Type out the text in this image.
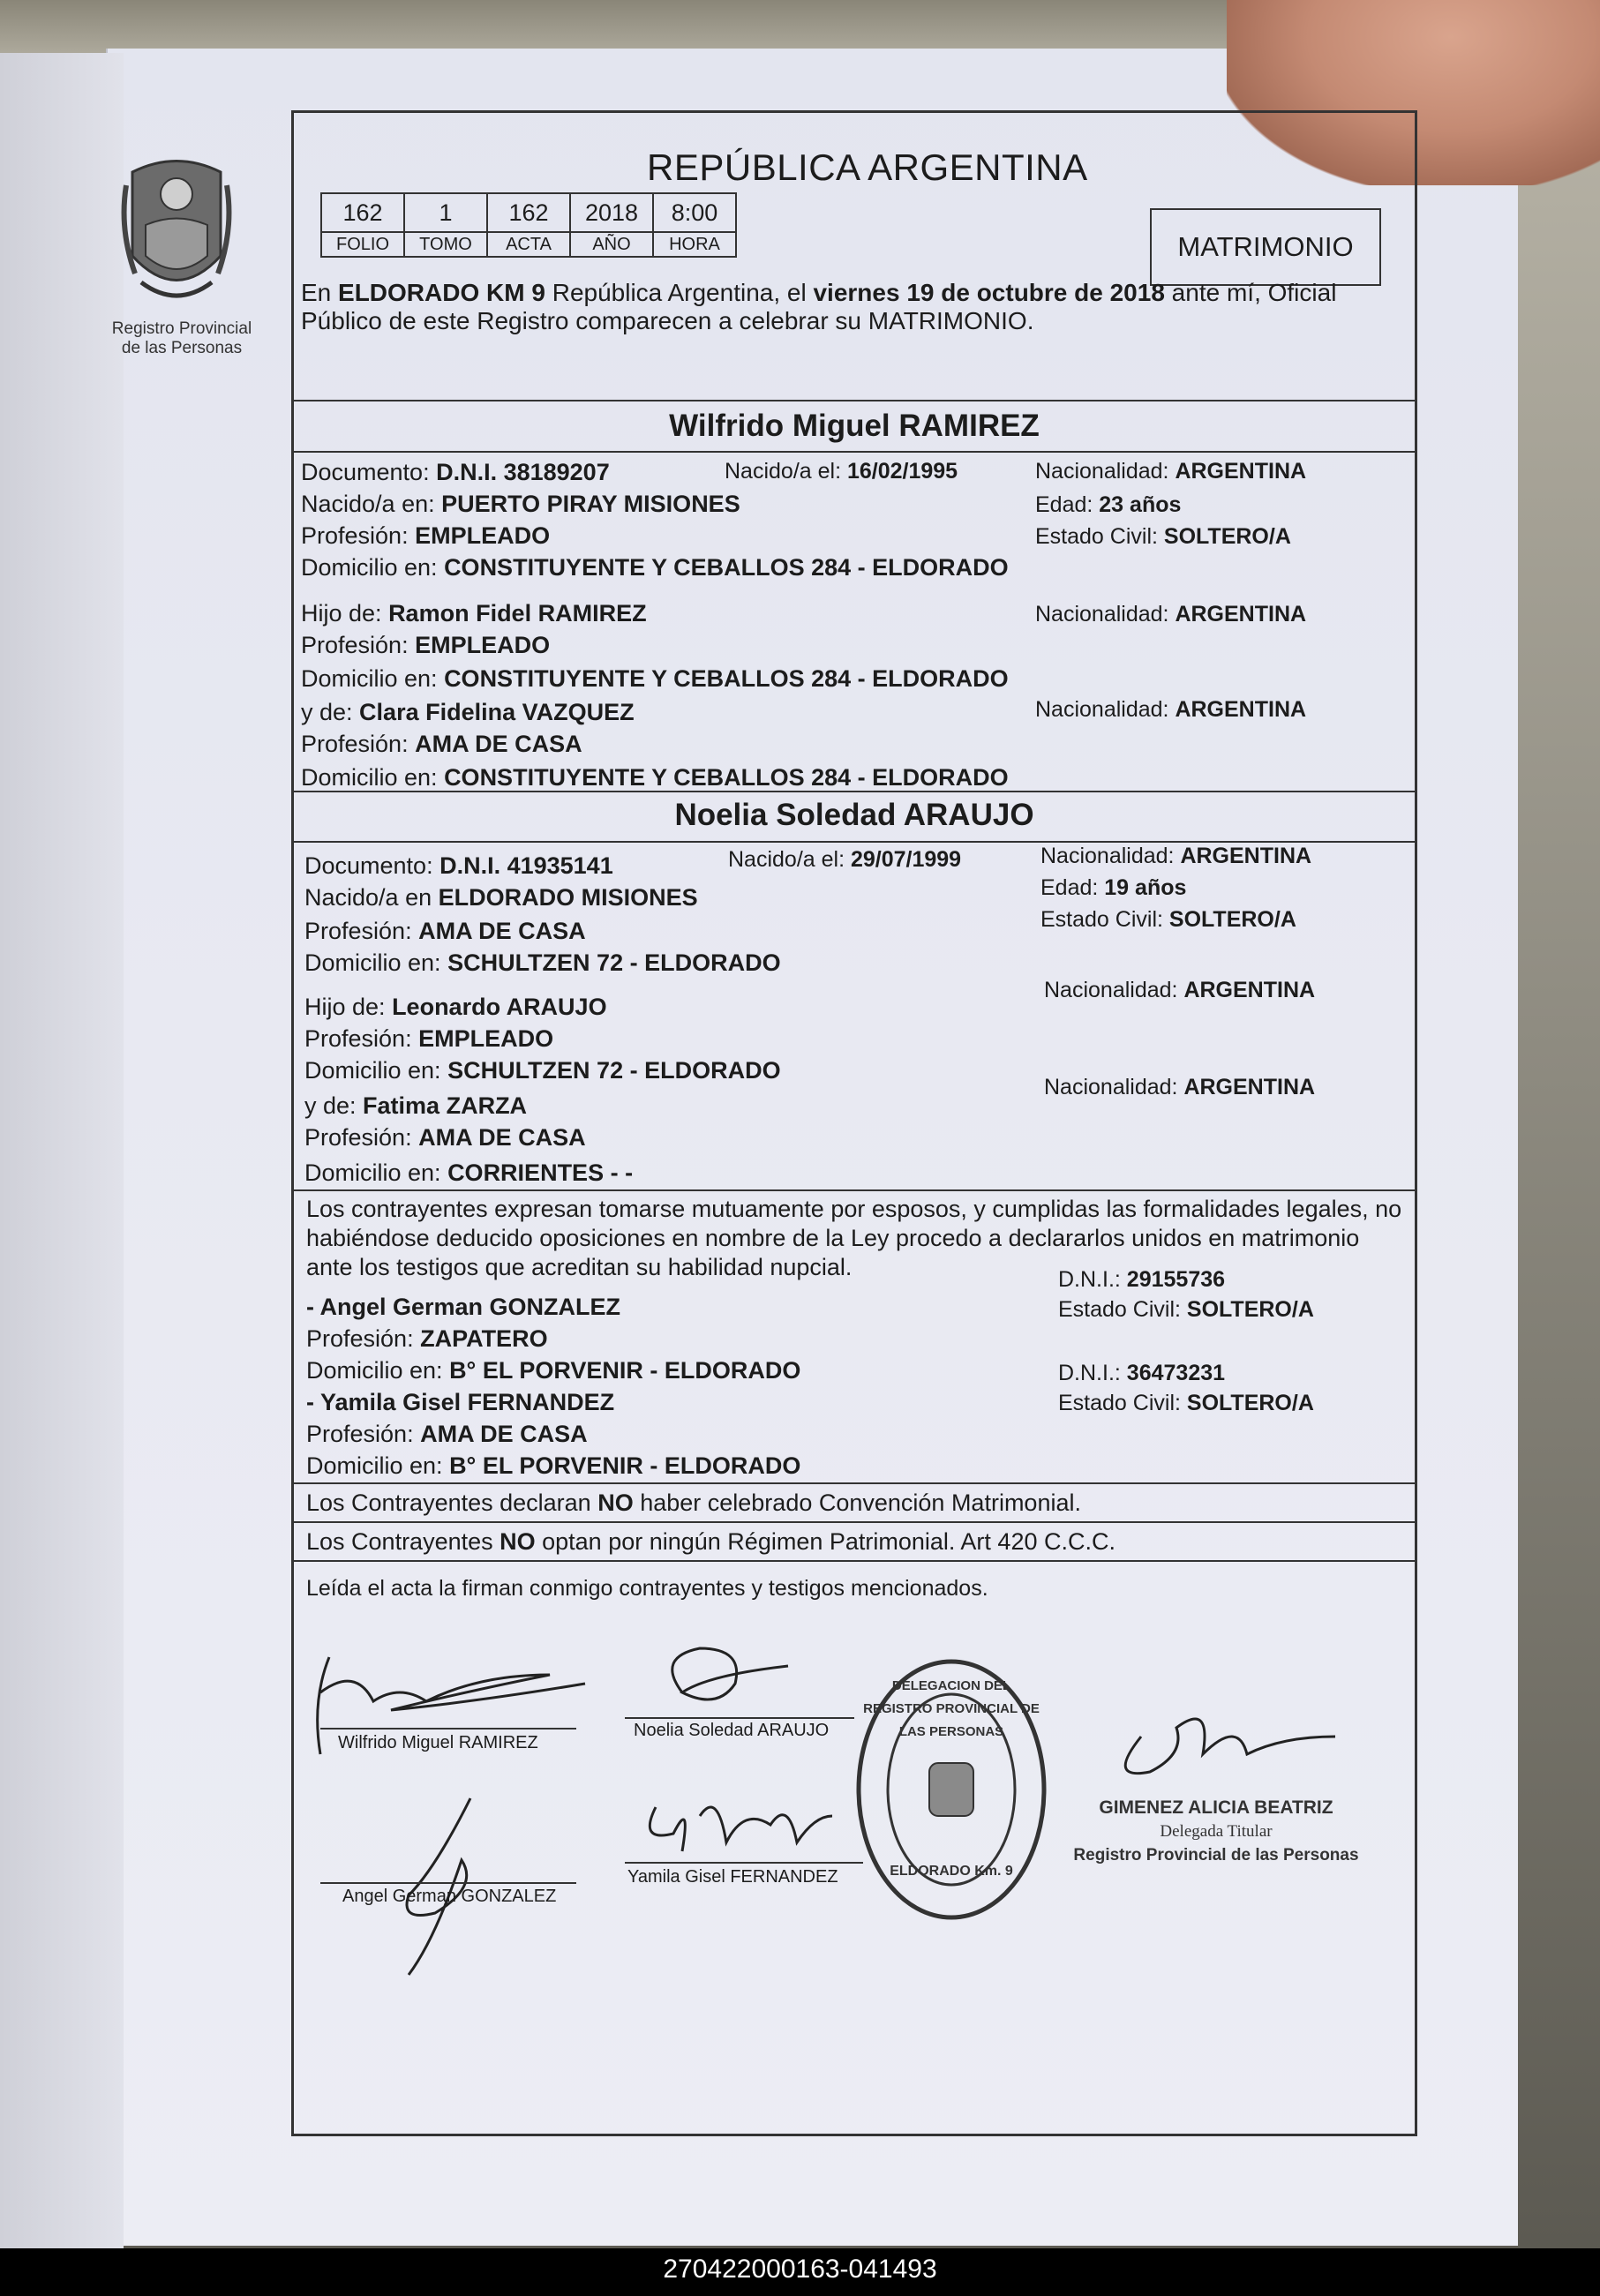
Registro Provincial de las Personas
REPÚBLICA ARGENTINA
162	1	162	2018	8:00
FOLIO	TOMO	ACTA	AÑO	HORA	MATRIMONIO
En ELDORADO KM 9 República Argentina, el viernes 19 de octubre de 2018 ante mí, Oficial Público de este Registro comparecen a celebrar su MATRIMONIO.
Wilfrido Miguel RAMIREZ
Documento: D.N.I. 38189207	Nacido/a el: 16/02/1995	Nacionalidad: ARGENTINA
Nacido/a en: PUERTO PIRAY MISIONES	Edad: 23 años
Profesión: EMPLEADO	Estado Civil: SOLTERO/A
Domicilio en: CONSTITUYENTE Y CEBALLOS 284 - ELDORADO
Hijo de: Ramon Fidel RAMIREZ	Nacionalidad: ARGENTINA
Profesión: EMPLEADO
Domicilio en: CONSTITUYENTE Y CEBALLOS 284 - ELDORADO
y de: Clara Fidelina VAZQUEZ	Nacionalidad: ARGENTINA
Profesión: AMA DE CASA
Domicilio en: CONSTITUYENTE Y CEBALLOS 284 - ELDORADO
Noelia Soledad ARAUJO
Documento: D.N.I. 41935141	Nacido/a el: 29/07/1999	Nacionalidad: ARGENTINA
Nacido/a en ELDORADO MISIONES	Edad: 19 años
Profesión: AMA DE CASA	Estado Civil: SOLTERO/A
Domicilio en: SCHULTZEN 72 - ELDORADO
Hijo de: Leonardo ARAUJO
Nacionalidad: ARGENTINA
Profesión: EMPLEADO
Domicilio en: SCHULTZEN 72 - ELDORADO
y de: Fatima ZARZA
Nacionalidad: ARGENTINA
Profesión: AMA DE CASA
Domicilio en: CORRIENTES - -
Los contrayentes expresan tomarse mutuamente por esposos, y cumplidas las formalidades legales, no habiéndose deducido oposiciones en nombre de la Ley procedo a declararlos unidos en matrimonio ante los testigos que acreditan su habilidad nupcial.
- Angel German GONZALEZ
D.N.I.: 29155736
Estado Civil: SOLTERO/A
Profesión: ZAPATERO
Domicilio en: B° EL PORVENIR - ELDORADO
- Yamila Gisel FERNANDEZ
D.N.I.: 36473231
Estado Civil: SOLTERO/A
Profesión: AMA DE CASA
Domicilio en: B° EL PORVENIR - ELDORADO
Los Contrayentes declaran NO haber celebrado Convención Matrimonial.
Los Contrayentes NO optan por ningún Régimen Patrimonial. Art 420 C.C.C.
Leída el acta la firman conmigo contrayentes y testigos mencionados.
Wilfrido Miguel RAMIREZ
Noelia Soledad ARAUJO
Angel German GONZALEZ
Yamila Gisel FERNANDEZ
DELEGACION DEL REGISTRO PROVINCIAL DE LAS PERSONAS
ELDORADO Km. 9
GIMENEZ ALICIA BEATRIZ
Delegada Titular
Registro Provincial de las Personas
270422000163-041493
